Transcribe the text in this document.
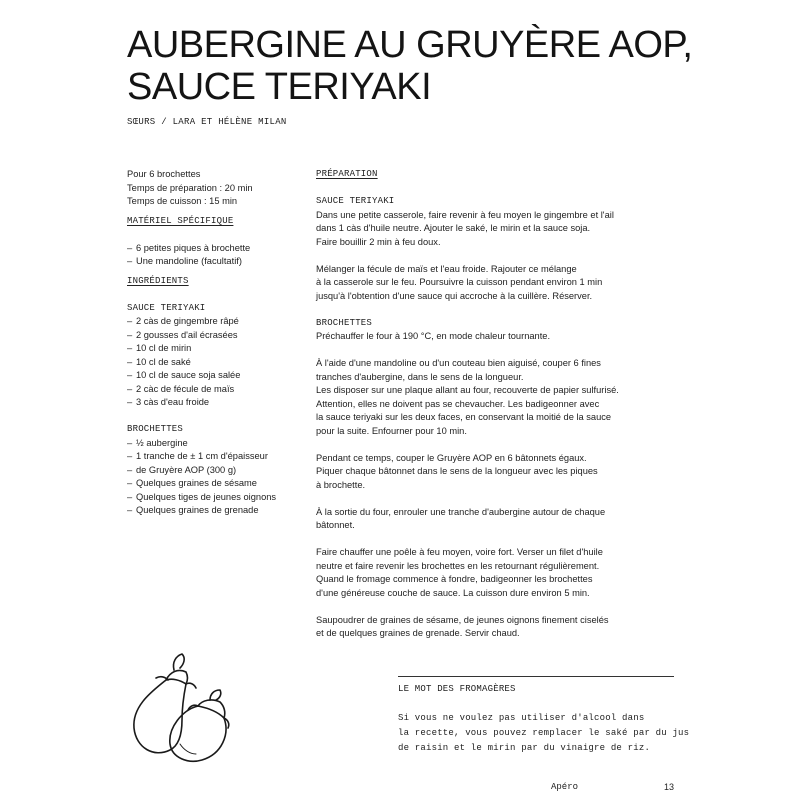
AUBERGINE AU GRUYÈRE AOP,
SAUCE TERIYAKI
SŒURS / LARA ET HÉLÈNE MILAN
Pour 6 brochettes
Temps de préparation : 20 min
Temps de cuisson : 15 min
MATÉRIEL SPÉCIFIQUE
– 6 petites piques à brochette
– Une mandoline (facultatif)
INGRÉDIENTS
SAUCE TERIYAKI
– 2 càs de gingembre râpé
– 2 gousses d'ail écrasées
– 10 cl de mirin
– 10 cl de saké
– 10 cl de sauce soja salée
– 2 càc de fécule de maïs
– 3 càs d'eau froide
BROCHETTES
– ½ aubergine
– 1 tranche de ± 1 cm d'épaisseur
– de Gruyère AOP (300 g)
– Quelques graines de sésame
– Quelques tiges de jeunes oignons
– Quelques graines de grenade
PRÉPARATION
SAUCE TERIYAKI
Dans une petite casserole, faire revenir à feu moyen le gingembre et l'ail
dans 1 càs d'huile neutre. Ajouter le saké, le mirin et la sauce soja.
Faire bouillir 2 min à feu doux.
Mélanger la fécule de maïs et l'eau froide. Rajouter ce mélange
à la casserole sur le feu. Poursuivre la cuisson pendant environ 1 min
jusqu'à l'obtention d'une sauce qui accroche à la cuillère. Réserver.
BROCHETTES
Préchauffer le four à 190 °C, en mode chaleur tournante.
À l'aide d'une mandoline ou d'un couteau bien aiguisé, couper 6 fines
tranches d'aubergine, dans le sens de la longueur.
Les disposer sur une plaque allant au four, recouverte de papier sulfurisé.
Attention, elles ne doivent pas se chevaucher. Les badigeonner avec
la sauce teriyaki sur les deux faces, en conservant la moitié de la sauce
pour la suite. Enfourner pour 10 min.
Pendant ce temps, couper le Gruyère AOP en 6 bâtonnets égaux.
Piquer chaque bâtonnet dans le sens de la longueur avec les piques
à brochette.
À la sortie du four, enrouler une tranche d'aubergine autour de chaque
bâtonnet.
Faire chauffer une poêle à feu moyen, voire fort. Verser un filet d'huile
neutre et faire revenir les brochettes en les retournant régulièrement.
Quand le fromage commence à fondre, badigeonner les brochettes
d'une généreuse couche de sauce. La cuisson dure environ 5 min.
Saupoudrer de graines de sésame, de jeunes oignons finement ciselés
et de quelques graines de grenade. Servir chaud.
LE MOT DES FROMAGÈRES
Si vous ne voulez pas utiliser d'alcool dans
la recette, vous pouvez remplacer le saké par du jus
de raisin et le mirin par du vinaigre de riz.
Apéro	13
